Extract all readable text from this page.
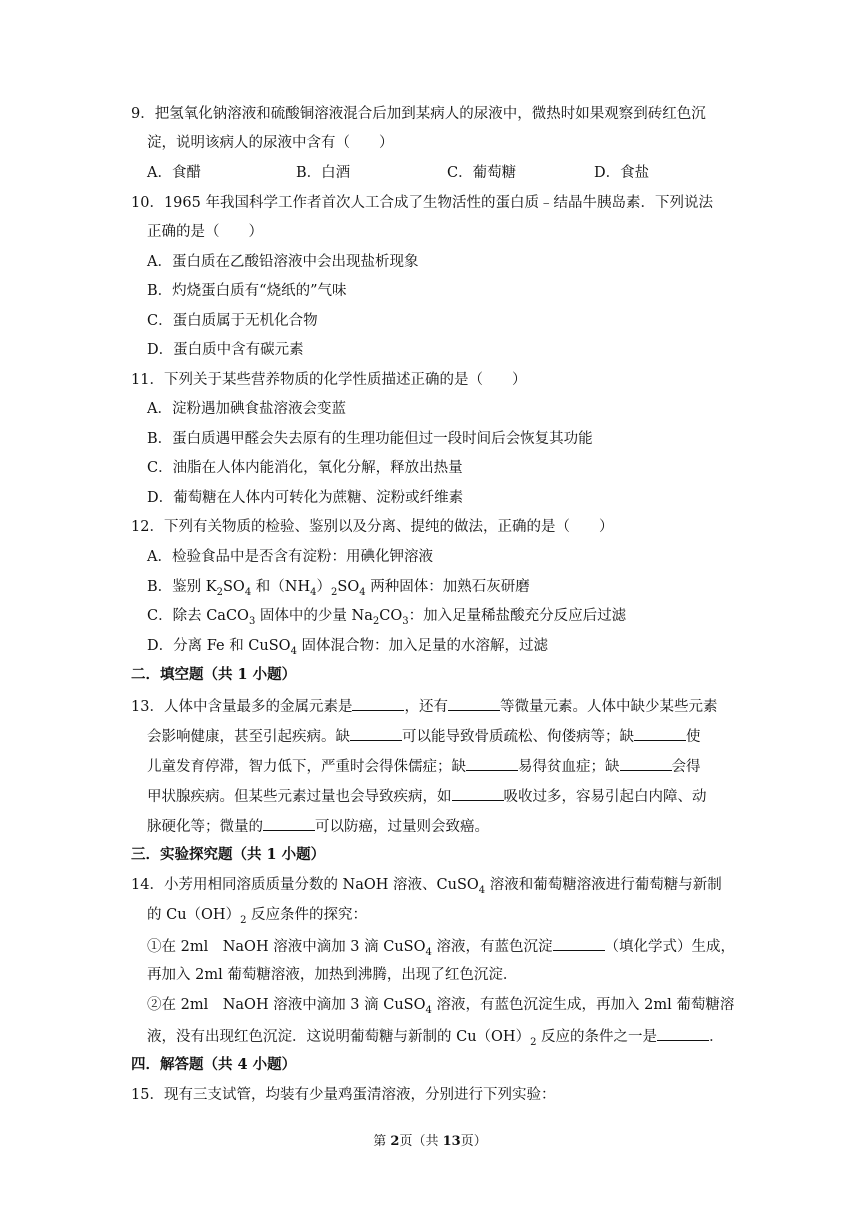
9．把氢氧化钠溶液和硫酸铜溶液混合后加到某病人的尿液中，微热时如果观察到砖红色沉
淀，说明该病人的尿液中含有（　　）
A．食醋	B．白酒	C．葡萄糖	D．食盐
10．1965 年我国科学工作者首次人工合成了生物活性的蛋白质﹣结晶牛胰岛素．下列说法
正确的是（　　）
A．蛋白质在乙酸铅溶液中会出现盐析现象
B．灼烧蛋白质有“烧纸的”气味
C．蛋白质属于无机化合物
D．蛋白质中含有碳元素
11．下列关于某些营养物质的化学性质描述正确的是（　　）
A．淀粉遇加碘食盐溶液会变蓝
B．蛋白质遇甲醛会失去原有的生理功能但过一段时间后会恢复其功能
C．油脂在人体内能消化，氧化分解，释放出热量
D．葡萄糖在人体内可转化为蔗糖、淀粉或纤维素
12．下列有关物质的检验、鉴别以及分离、提纯的做法，正确的是（　　）
A．检验食品中是否含有淀粉：用碘化钾溶液
B．鉴别 $K_2SO_4$ 和$(NH_4)_2SO_4$ 两种固体：加熟石灰研磨
C．除去 CaCO$_3$ 固体中的少量 $Na_2CO_3$：加入足量稀盐酸充分反应后过滤
D．分离 Fe 和 CuSO$_4$ 固体混合物：加入足量的水溶解，过滤
二．填空题（共 1 小题）
13．人体中含量最多的金属元素是	，还有	等微量元素。人体中缺少某些元素
会影响健康，甚至引起疾病。缺	可以能导致骨质疏松、佝偻病等；缺	使
儿童发育停滞，智力低下，严重时会得侏儒症；缺	易得贫血症；缺	会得
甲状腺疾病。但某些元素过量也会导致疾病，如	吸收过多，容易引起白内障、动
脉硬化等；微量的	可以防癌，过量则会致癌。
三．实验探究题（共 1 小题）
14．小芳用相同溶质质量分数的 NaOH 溶液、CuSO$_4$ 溶液和葡萄糖溶液进行葡萄糖与新制
的 $Cu(OH)_2$ 反应条件的探究：
①在 2ml　NaOH 溶液中滴加 3 滴 CuSO$_4$ 溶液，有蓝色沉淀	（填化学式）生成，
再加入 2ml 葡萄糖溶液，加热到沸腾，出现了红色沉淀．
②在 2ml　NaOH 溶液中滴加 3 滴 CuSO$_4$ 溶液，有蓝色沉淀生成，再加入 2ml 葡萄糖溶
液，没有出现红色沉淀．这说明葡萄糖与新制的 $Cu(OH)_2$ 反应的条件之一是	．
四．解答题（共 4 小题）
15．现有三支试管，均装有少量鸡蛋清溶液，分别进行下列实验：
第 2页（共 13页）
